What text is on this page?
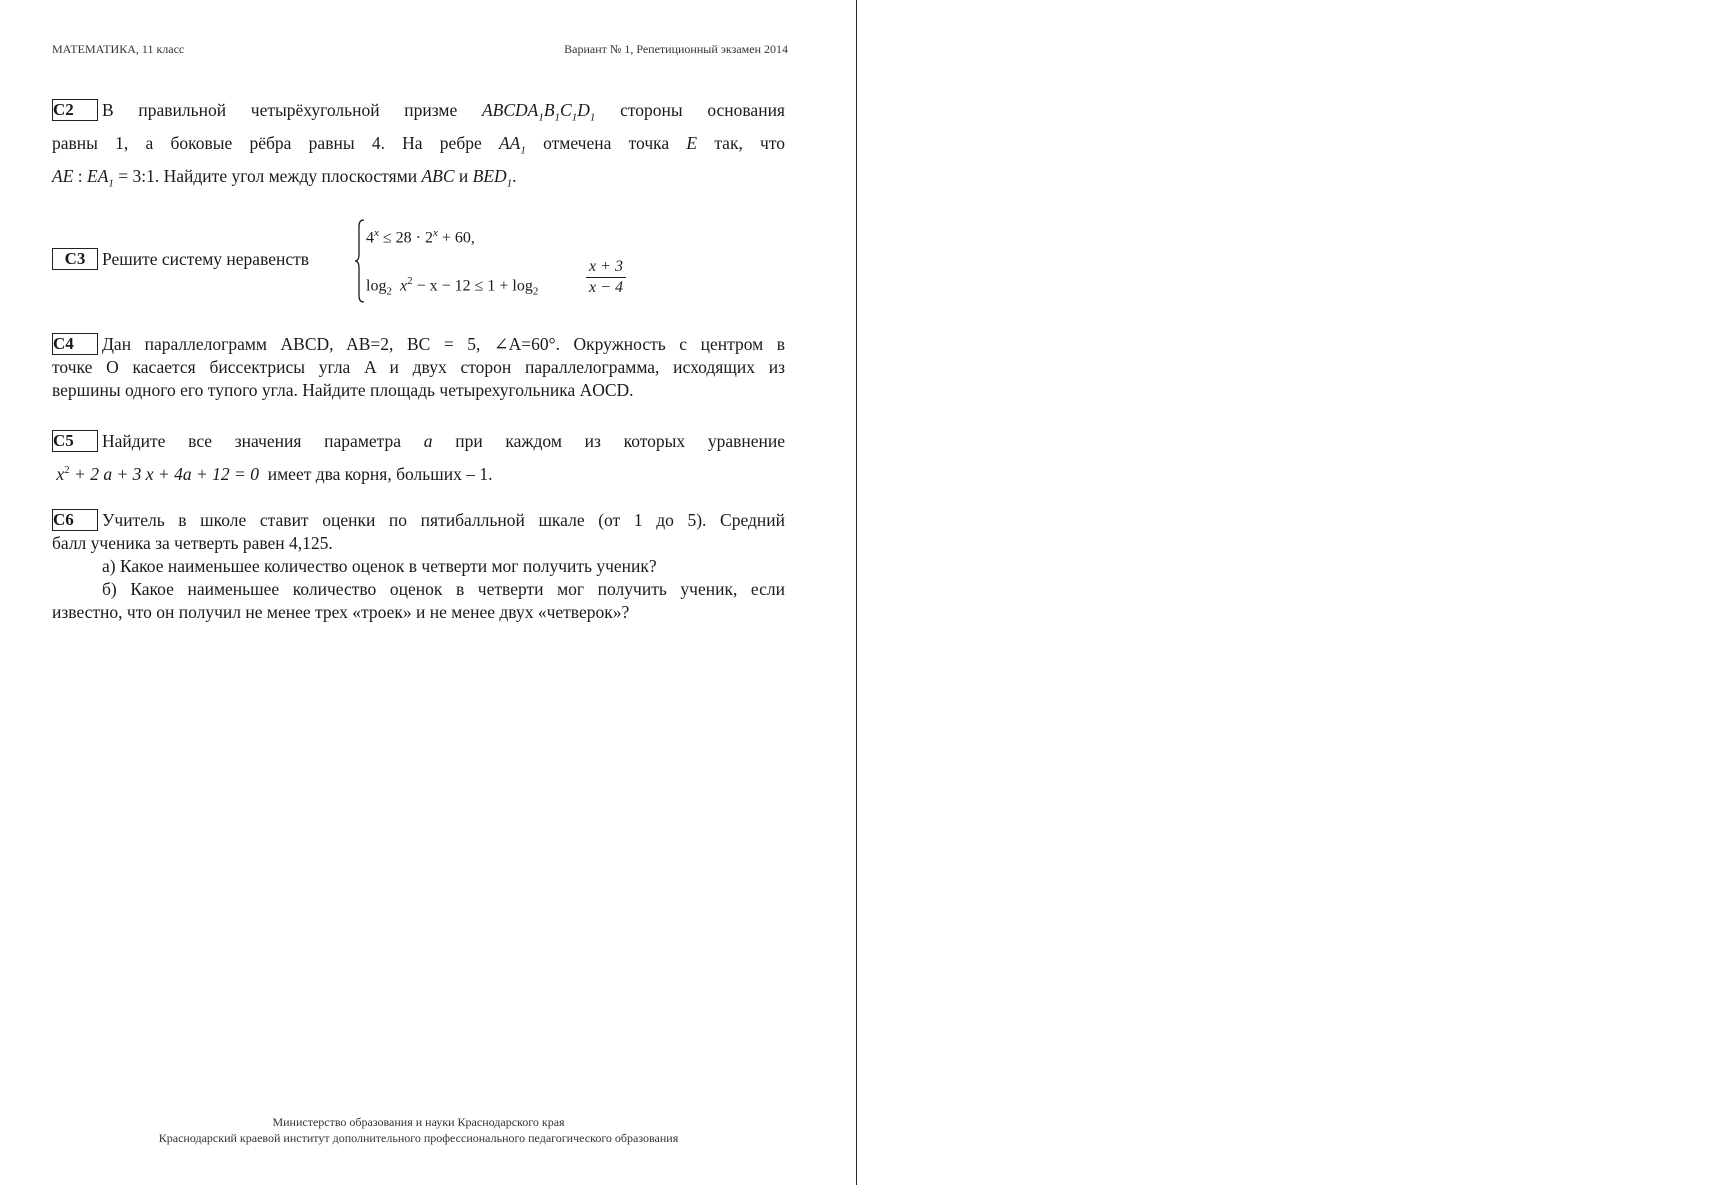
МАТЕМАТИКА, 11 класс	Вариант № 1, Репетиционный экзамен 2014
С2 В правильной четырёхугольной призме $ABCDA_1B_1C_1D_1$ стороны основания
равны 1, а боковые рёбра равны 4. На ребре $AA_1$ отмечена точка E так, что
AE : $EA_1$ = 3:1. Найдите угол между плоскостями ABC и $BED_1$.
С3 Решите систему неравенств
$4^x \le 28 \cdot 2^x + 60$,
$\log_2 x^2 - x - 12 \le 1 + \log_2$
x + 3
x − 4
С4 Дан параллелограмм ABCD, AB=2, BC = 5, ∠A=60°. Окружность с центром в
точке O касается биссектрисы угла A и двух сторон параллелограмма, исходящих из
вершины одного его тупого угла. Найдите площадь четырехугольника AOCD.
С5 Найдите все значения параметра a при каждом из которых уравнение
$x^2 + 2$ a + 3 x + 4a + 12 = 0 имеет два корня, больших – 1.
С6 Учитель в школе ставит оценки по пятибалльной шкале (от 1 до 5). Средний
балл ученика за четверть равен 4,125.
а) Какое наименьшее количество оценок в четверти мог получить ученик?
б) Какое наименьшее количество оценок в четверти мог получить ученик, если
известно, что он получил не менее трех «троек» и не менее двух «четверок»?
Министерство образования и науки Краснодарского края
Краснодарский краевой институт дополнительного профессионального педагогического образования
